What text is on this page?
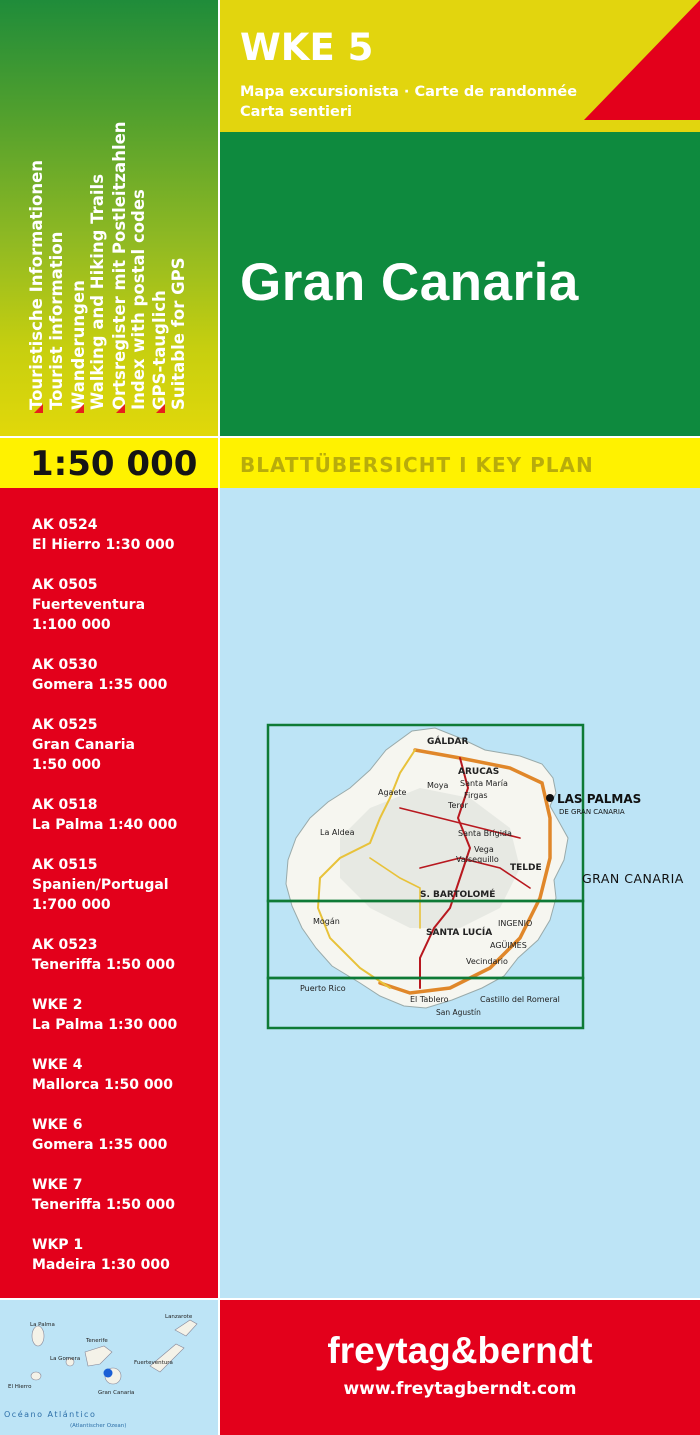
Touristische Informationen Tourist information Wanderungen Walking and Hiking Trails Ortsregister mit Postleitzahlen Index with postal codes GPS-tauglich Suitable for GPS
WKE 5
Mapa excursionista · Carte de randonnée
Carta sentieri
Gran Canaria
1:50 000 BLATTÜBERSICHT I KEY PLAN
AK 0524
El Hierro 1:30 000
AK 0505
Fuerteventura
1:100 000
AK 0530
Gomera 1:35 000
AK 0525
Gran Canaria
1:50 000
AK 0518
La Palma 1:40 000
AK 0515
Spanien/Portugal
1:700 000
AK 0523
Teneriffa 1:50 000
WKE 2
La Palma 1:30 000
WKE 4
Mallorca 1:50 000
WKE 6
Gomera 1:35 000
WKE 7
Teneriffa 1:50 000
WKP 1
Madeira 1:30 000
GÁLDAR
ARUCAS
Santa María
Agaete
Moya
Firgas
Teror
Santa Brígida
Vega
TELDE
Valsequillo
La Aldea
S. BARTOLOMÉ
Mogán
SANTA LUCÍA
INGENIO
AGÜIMES
Vecindario
Puerto Rico
El Tablero	Castillo del Romeral
San Agustín
LAS PALMAS
DE GRAN CANARIA
GRAN CANARIA
La Palma
Tenerife
La Gomera
El Hierro
Lanzarote
Fuerteventura
Gran Canaria
Océano Atlántico
(Atlantischer Ozean)
freytag&berndt
www.freytagberndt.com
